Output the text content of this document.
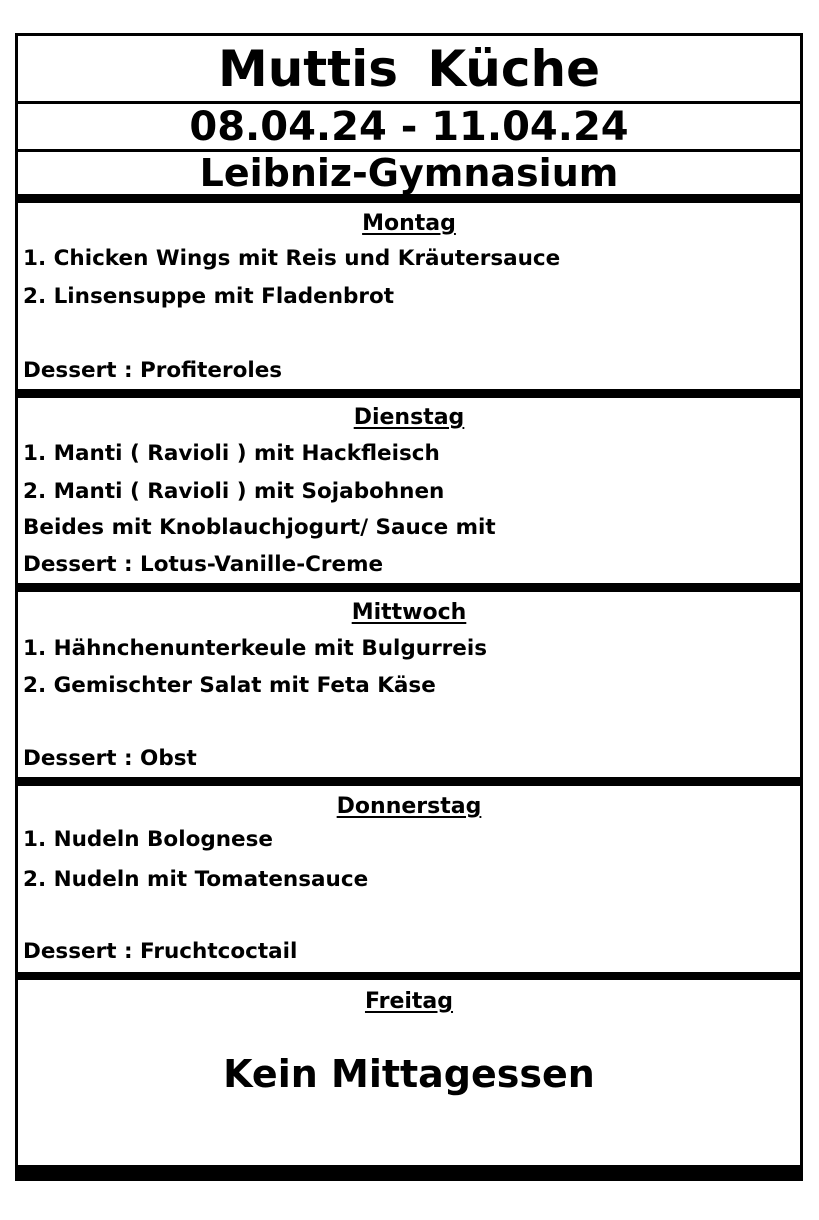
Muttis Küche
08.04.24 - 11.04.24
Leibniz-Gymnasium
Montag
1. Chicken Wings mit Reis und Kräutersauce
2. Linsensuppe mit Fladenbrot
Dessert : Profiteroles
Dienstag
1. Manti ( Ravioli ) mit Hackfleisch
2. Manti ( Ravioli ) mit Sojabohnen
Beides mit Knoblauchjogurt/ Sauce mit
Dessert : Lotus-Vanille-Creme
Mittwoch
1. Hähnchenunterkeule mit Bulgurreis
2. Gemischter Salat mit Feta Käse
Dessert : Obst
Donnerstag
1. Nudeln Bolognese
2. Nudeln mit Tomatensauce
Dessert : Fruchtcoctail
Freitag
Kein Mittagessen
